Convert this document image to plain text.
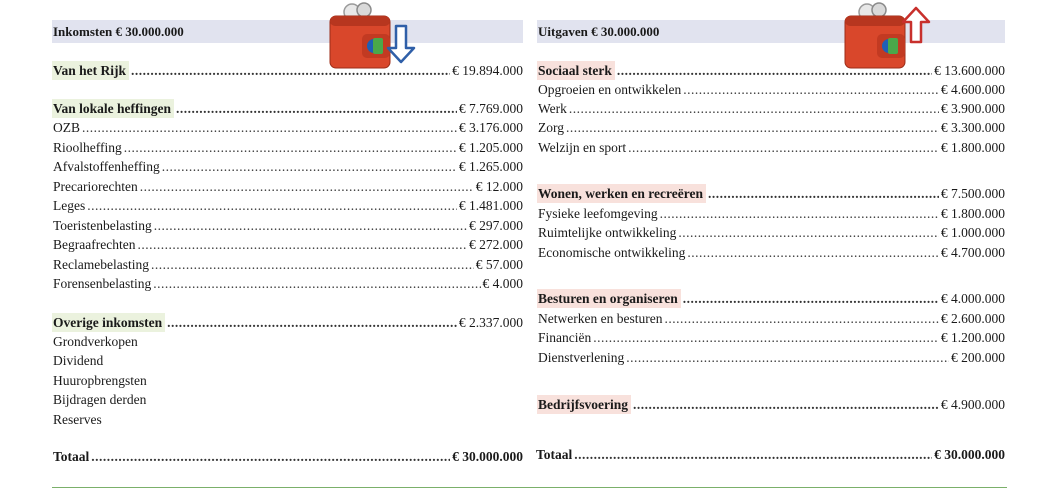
Inkomsten € 30.000.000
Van het Rijk .....	€ 19.894.000
Van lokale heffingen .....	€ 7.769.000
OZB .....	€ 3.176.000
Rioolheffing .....	€ 1.205.000
Afvalstoffenheffing .....	€ 1.265.000
Precariorechten .....	€ 12.000
Leges .....	€ 1.481.000
Toeristenbelasting .....	€ 297.000
Begraafrechten .....	€ 272.000
Reclamebelasting .....	€ 57.000
Forensenbelasting .....	€ 4.000
Overige inkomsten .....	€ 2.337.000
Grondverkopen
Dividend
Huuropbrengsten
Bijdragen derden
Reserves
Totaal .....	€ 30.000.000
Uitgaven € 30.000.000
Sociaal sterk .....	€ 13.600.000
Opgroeien en ontwikkelen .....	€ 4.600.000
Werk .....	€ 3.900.000
Zorg .....	€ 3.300.000
Welzijn en sport .....	€ 1.800.000
Wonen, werken en recreëren .....	€ 7.500.000
Fysieke leefomgeving .....	€ 1.800.000
Ruimtelijke ontwikkeling .....	€ 1.000.000
Economische ontwikkeling .....	€ 4.700.000
Besturen en organiseren .....	€ 4.000.000
Netwerken en besturen .....	€ 2.600.000
Financiën .....	€ 1.200.000
Dienstverlening .....	€ 200.000
Bedrijfsvoering .....	€ 4.900.000
Totaal .....	€ 30.000.000
